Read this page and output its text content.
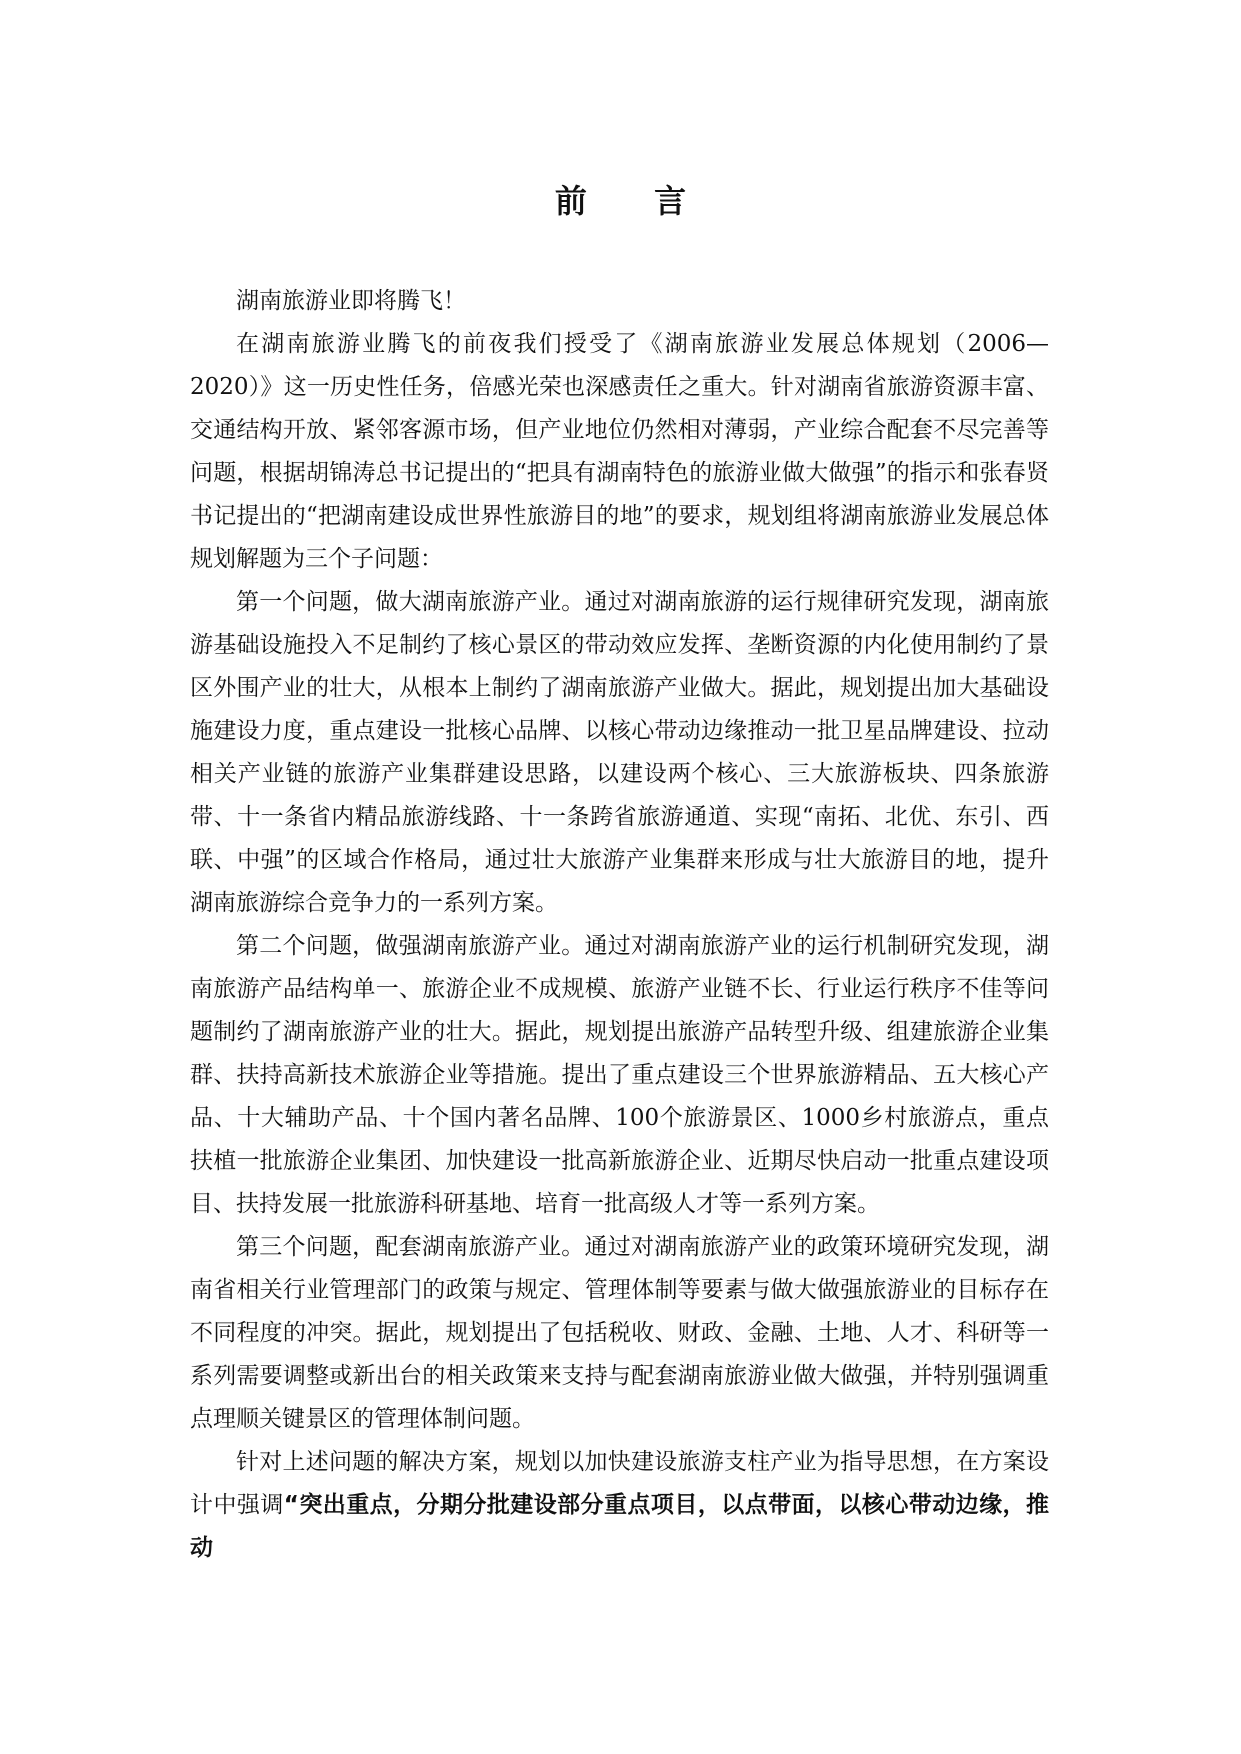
前 言

湖南旅游业即将腾飞！

在湖南旅游业腾飞的前夜我们授受了《湖南旅游业发展总体规划（2006—2020）》这一历史性任务，倍感光荣也深感责任之重大。针对湖南省旅游资源丰富、交通结构开放、紧邻客源市场，但产业地位仍然相对薄弱，产业综合配套不尽完善等问题，根据胡锦涛总书记提出的“把具有湖南特色的旅游业做大做强”的指示和张春贤书记提出的“把湖南建设成世界性旅游目的地”的要求，规划组将湖南旅游业发展总体规划解题为三个子问题：

第一个问题，做大湖南旅游产业。通过对湖南旅游的运行规律研究发现，湖南旅游基础设施投入不足制约了核心景区的带动效应发挥、垄断资源的内化使用制约了景区外围产业的壮大，从根本上制约了湖南旅游产业做大。据此，规划提出加大基础设施建设力度，重点建设一批核心品牌、以核心带动边缘推动一批卫星品牌建设、拉动相关产业链的旅游产业集群建设思路，以建设两个核心、三大旅游板块、四条旅游带、十一条省内精品旅游线路、十一条跨省旅游通道、实现“南拓、北优、东引、西联、中强”的区域合作格局，通过壮大旅游产业集群来形成与壮大旅游目的地，提升湖南旅游综合竞争力的一系列方案。

第二个问题，做强湖南旅游产业。通过对湖南旅游产业的运行机制研究发现，湖南旅游产品结构单一、旅游企业不成规模、旅游产业链不长、行业运行秩序不佳等问题制约了湖南旅游产业的壮大。据此，规划提出旅游产品转型升级、组建旅游企业集群、扶持高新技术旅游企业等措施。提出了重点建设三个世界旅游精品、五大核心产品、十大辅助产品、十个国内著名品牌、100个旅游景区、1000乡村旅游点，重点扶植一批旅游企业集团、加快建设一批高新旅游企业、近期尽快启动一批重点建设项目、扶持发展一批旅游科研基地、培育一批高级人才等一系列方案。

第三个问题，配套湖南旅游产业。通过对湖南旅游产业的政策环境研究发现，湖南省相关行业管理部门的政策与规定、管理体制等要素与做大做强旅游业的目标存在不同程度的冲突。据此，规划提出了包括税收、财政、金融、土地、人才、科研等一系列需要调整或新出台的相关政策来支持与配套湖南旅游业做大做强，并特别强调重点理顺关键景区的管理体制问题。

针对上述问题的解决方案，规划以加快建设旅游支柱产业为指导思想，在方案设计中强调“突出重点，分期分批建设部分重点项目，以点带面，以核心带动边缘，推动
